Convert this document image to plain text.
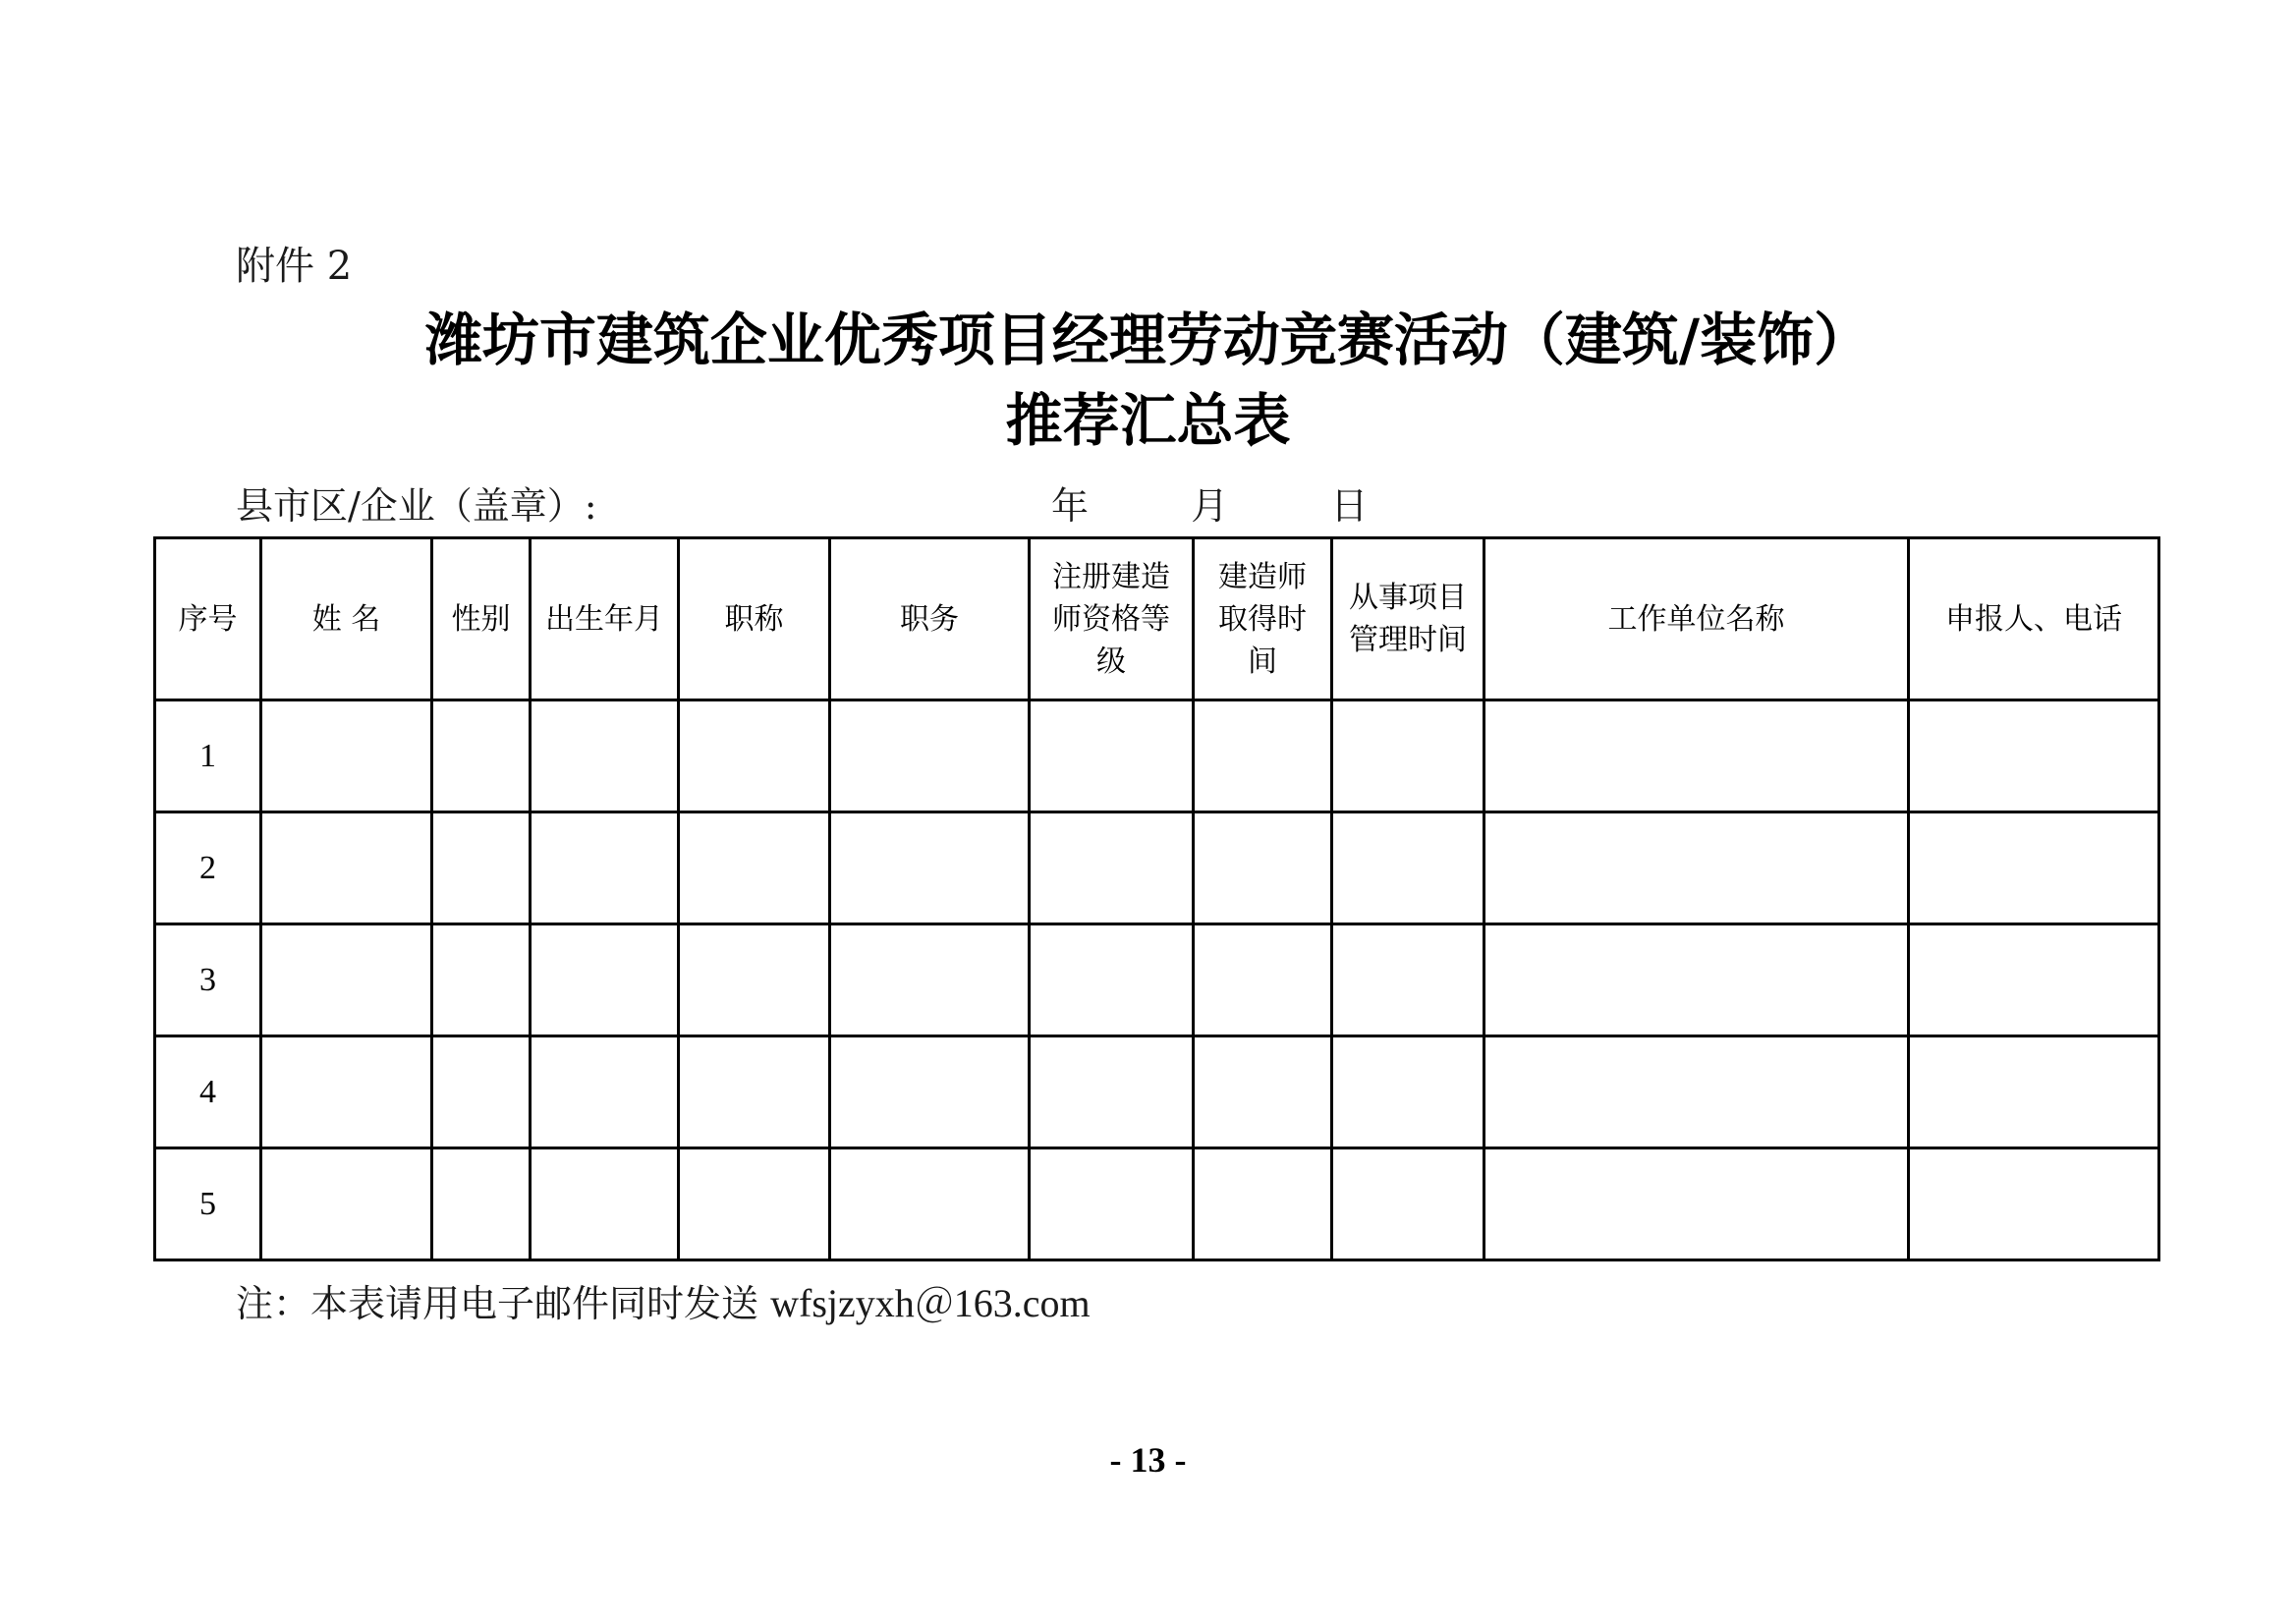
附件 2
潍坊市建筑企业优秀项目经理劳动竞赛活动（建筑/装饰）
推荐汇总表
县市区/企业（盖章）:	年	月	日
序号	姓 名	性别	出生年月	职称	职务	注册建造师资格等级	建造师取得时间	从事项目管理时间	工作单位名称	申报人、电话
1										
2										
3										
4										
5										
注：本表请用电子邮件同时发送 wfsjzyxh＠163.com
- 13 -
